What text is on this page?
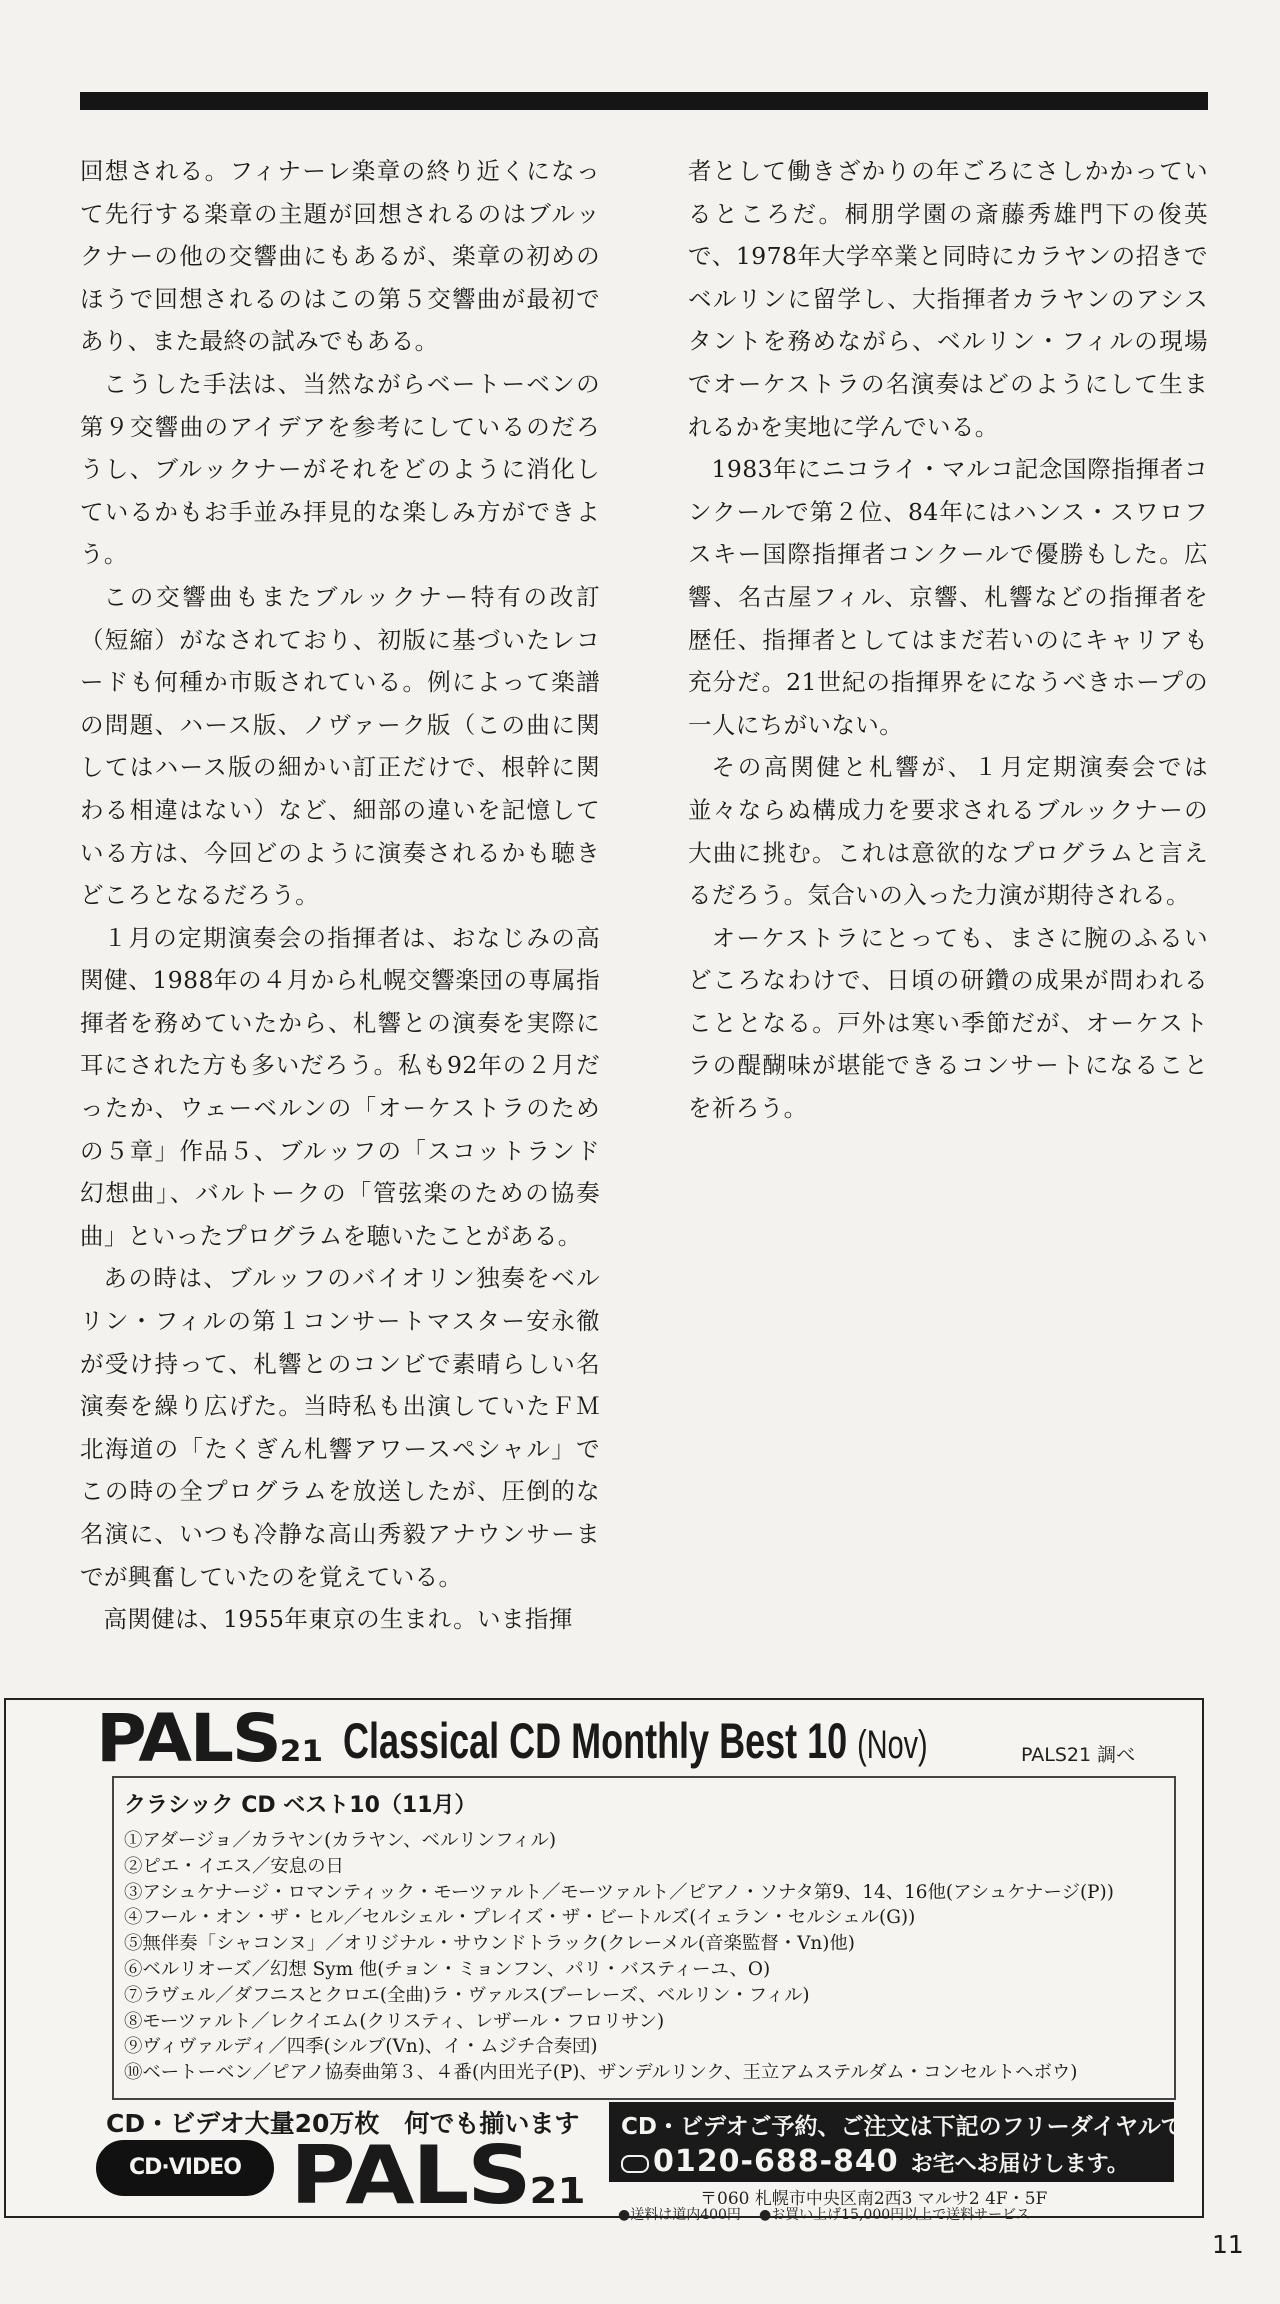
回想される。フィナーレ楽章の終り近くになって先行する楽章の主題が回想されるのはブルックナーの他の交響曲にもあるが、楽章の初めのほうで回想されるのはこの第５交響曲が最初であり、また最終の試みでもある。

こうした手法は、当然ながらベートーベンの第９交響曲のアイデアを参考にしているのだろうし、ブルックナーがそれをどのように消化しているかもお手並み拝見的な楽しみ方ができよう。

この交響曲もまたブルックナー特有の改訂（短縮）がなされており、初版に基づいたレコードも何種か市販されている。例によって楽譜の問題、ハース版、ノヴァーク版（この曲に関してはハース版の細かい訂正だけで、根幹に関わる相違はない）など、細部の違いを記憶している方は、今回どのように演奏されるかも聴きどころとなるだろう。

１月の定期演奏会の指揮者は、おなじみの高関健、1988年の４月から札幌交響楽団の専属指揮者を務めていたから、札響との演奏を実際に耳にされた方も多いだろう。私も92年の２月だったか、ウェーベルンの「オーケストラのための５章」作品５、ブルッフの「スコットランド幻想曲」、バルトークの「管弦楽のための協奏曲」といったプログラムを聴いたことがある。

あの時は、ブルッフのバイオリン独奏をベルリン・フィルの第１コンサートマスター安永徹が受け持って、札響とのコンビで素晴らしい名演奏を繰り広げた。当時私も出演していたＦＭ北海道の「たくぎん札響アワースペシャル」でこの時の全プログラムを放送したが、圧倒的な名演に、いつも冷静な高山秀毅アナウンサーまでが興奮していたのを覚えている。

高関健は、1955年東京の生まれ。いま指揮

者として働きざかりの年ごろにさしかかっているところだ。桐朋学園の斎藤秀雄門下の俊英で、1978年大学卒業と同時にカラヤンの招きでベルリンに留学し、大指揮者カラヤンのアシスタントを務めながら、ベルリン・フィルの現場でオーケストラの名演奏はどのようにして生まれるかを実地に学んでいる。

1983年にニコライ・マルコ記念国際指揮者コンクールで第２位、84年にはハンス・スワロフスキー国際指揮者コンクールで優勝もした。広響、名古屋フィル、京響、札響などの指揮者を歴任、指揮者としてはまだ若いのにキャリアも充分だ。21世紀の指揮界をになうべきホープの一人にちがいない。

その高関健と札響が、１月定期演奏会では並々ならぬ構成力を要求されるブルックナーの大曲に挑む。これは意欲的なプログラムと言えるだろう。気合いの入った力演が期待される。

オーケストラにとっても、まさに腕のふるいどころなわけで、日頃の研鑽の成果が問われることとなる。戸外は寒い季節だが、オーケストラの醍醐味が堪能できるコンサートになることを祈ろう。

PALS21 Classical CD Monthly Best 10 (Nov)	PALS21 調べ
クラシック CD ベスト10（11月）
①アダージョ／カラヤン(カラヤン、ベルリンフィル)
②ピエ・イエス／安息の日
③アシュケナージ・ロマンティック・モーツァルト／モーツァルト／ピアノ・ソナタ第9、14、16他(アシュケナージ(P))
④フール・オン・ザ・ヒル／セルシェル・プレイズ・ザ・ビートルズ(イェラン・セルシェル(G))
⑤無伴奏「シャコンヌ」／オリジナル・サウンドトラック(クレーメル(音楽監督・Vn)他)
⑥ベルリオーズ／幻想 Sym 他(チョン・ミョンフン、パリ・バスティーユ、O)
⑦ラヴェル／ダフニスとクロエ(全曲)ラ・ヴァルス(ブーレーズ、ベルリン・フィル)
⑧モーツァルト／レクイエム(クリスティ、レザール・フロリサン)
⑨ヴィヴァルディ／四季(シルブ(Vn)、イ・ムジチ合奏団)
⑩ベートーベン／ピアノ協奏曲第３、４番(内田光子(P)、ザンデルリンク、王立アムステルダム・コンセルトヘボウ)
CD・ビデオ大量20万枚　何でも揃います
CD·VIDEO PALS21
CD・ビデオご予約、ご注文は下記のフリーダイヤルで
0120-688-840 お宅へお届けします。
〒060 札幌市中央区南2西3 マルサ2 4F・5F
●送料は道内400円 ●お買い上げ15,000円以上で送料サービス
11
